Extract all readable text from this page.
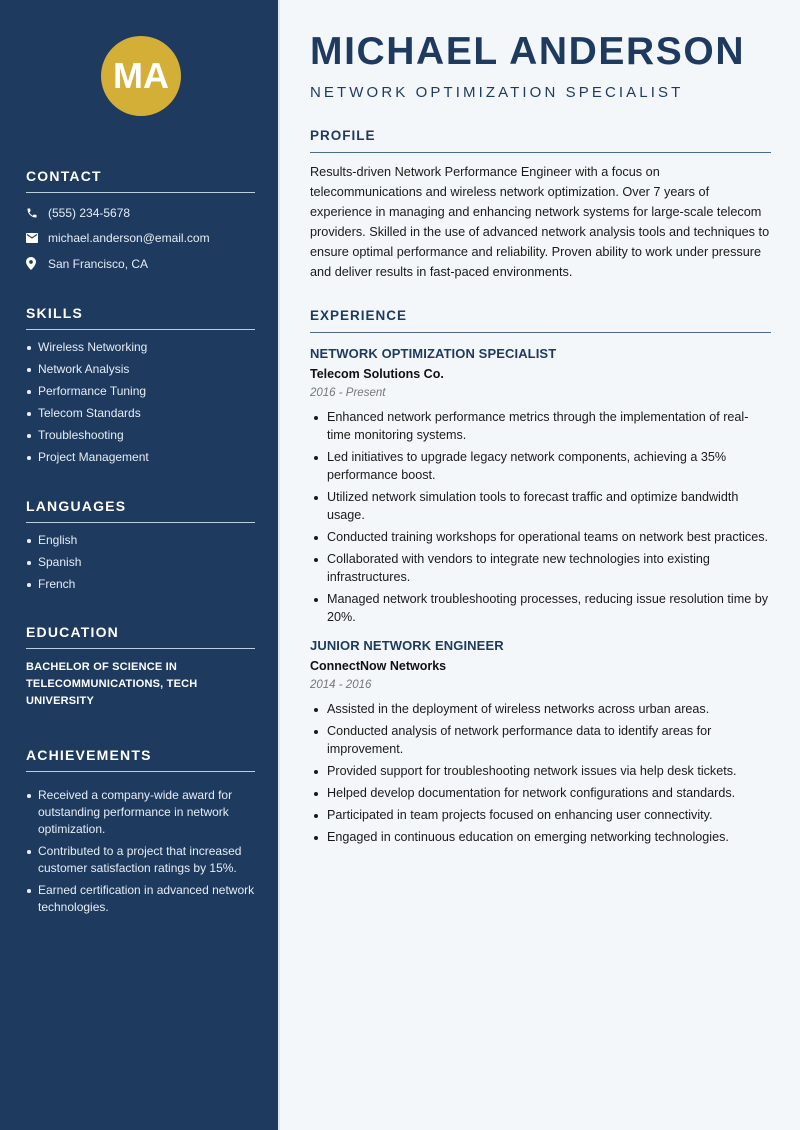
MA
CONTACT
(555) 234-5678
michael.anderson@email.com
San Francisco, CA
SKILLS
Wireless Networking
Network Analysis
Performance Tuning
Telecom Standards
Troubleshooting
Project Management
LANGUAGES
English
Spanish
French
EDUCATION
BACHELOR OF SCIENCE IN TELECOMMUNICATIONS, TECH UNIVERSITY
ACHIEVEMENTS
Received a company-wide award for outstanding performance in network optimization.
Contributed to a project that increased customer satisfaction ratings by 15%.
Earned certification in advanced network technologies.
MICHAEL ANDERSON
NETWORK OPTIMIZATION SPECIALIST
PROFILE

Results-driven Network Performance Engineer with a focus on telecommunications and wireless network optimization. Over 7 years of experience in managing and enhancing network systems for large-scale telecom providers. Skilled in the use of advanced network analysis tools and techniques to ensure optimal performance and reliability. Proven ability to work under pressure and deliver results in fast-paced environments.

EXPERIENCE
NETWORK OPTIMIZATION SPECIALIST
Telecom Solutions Co.
2016 - Present
Enhanced network performance metrics through the implementation of real-time monitoring systems.
Led initiatives to upgrade legacy network components, achieving a 35% performance boost.
Utilized network simulation tools to forecast traffic and optimize bandwidth usage.
Conducted training workshops for operational teams on network best practices.
Collaborated with vendors to integrate new technologies into existing infrastructures.
Managed network troubleshooting processes, reducing issue resolution time by 20%.
JUNIOR NETWORK ENGINEER
ConnectNow Networks
2014 - 2016
Assisted in the deployment of wireless networks across urban areas.
Conducted analysis of network performance data to identify areas for improvement.
Provided support for troubleshooting network issues via help desk tickets.
Helped develop documentation for network configurations and standards.
Participated in team projects focused on enhancing user connectivity.
Engaged in continuous education on emerging networking technologies.
